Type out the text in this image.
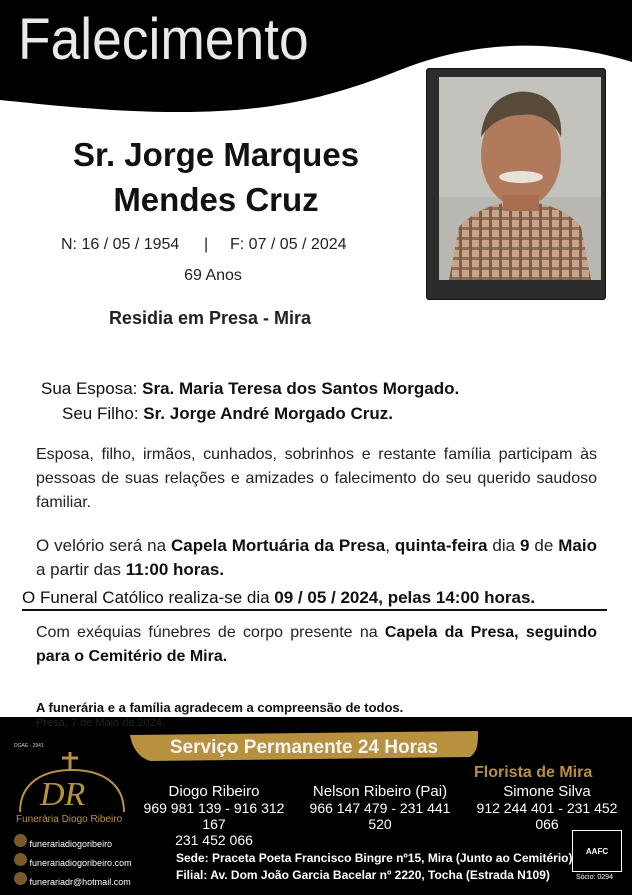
Falecimento
Sr. Jorge Marques
Mendes Cruz
N: 16 / 05 / 1954 | F: 07 / 05 / 2024
69 Anos
Residia em Presa - Mira
Sua Esposa: Sra. Maria Teresa dos Santos Morgado.
Seu Filho: Sr. Jorge André Morgado Cruz.
Esposa, filho, irmãos, cunhados, sobrinhos e restante família participam às pessoas de suas relações e amizades o falecimento do seu querido saudoso familiar.
O velório será na Capela Mortuária da Presa, quinta-feira dia 9 de Maio a partir das 11:00 horas.
O Funeral Católico realiza-se dia 09 / 05 / 2024, pelas 14:00 horas.
Com exéquias fúnebres de corpo presente na Capela da Presa, seguindo para o Cemitério de Mira.
A funerária e a família agradecem a compreensão de todos.
Presa, 7 de Maio de 2024.
DGAE - 2941	Serviço Permanente 24 Horas
DR
Funerária Diogo Ribeiro
Florista de Mira
Diogo Ribeiro
969 981 139 - 916 312 167
231 452 066
Nelson Ribeiro (Pai)
966 147 479 - 231 441 520
Simone Silva
912 244 401 - 231 452 066
funerariadiogoribeiro
funerariadiogoribeiro.com
funerariadr@hotmail.com
Sede: Praceta Poeta Francisco Bingre nº15, Mira (Junto ao Cemitério)
Filial: Av. Dom João Garcia Bacelar nº 2220, Tocha (Estrada N109)
AAFC
Sócio: 0294
